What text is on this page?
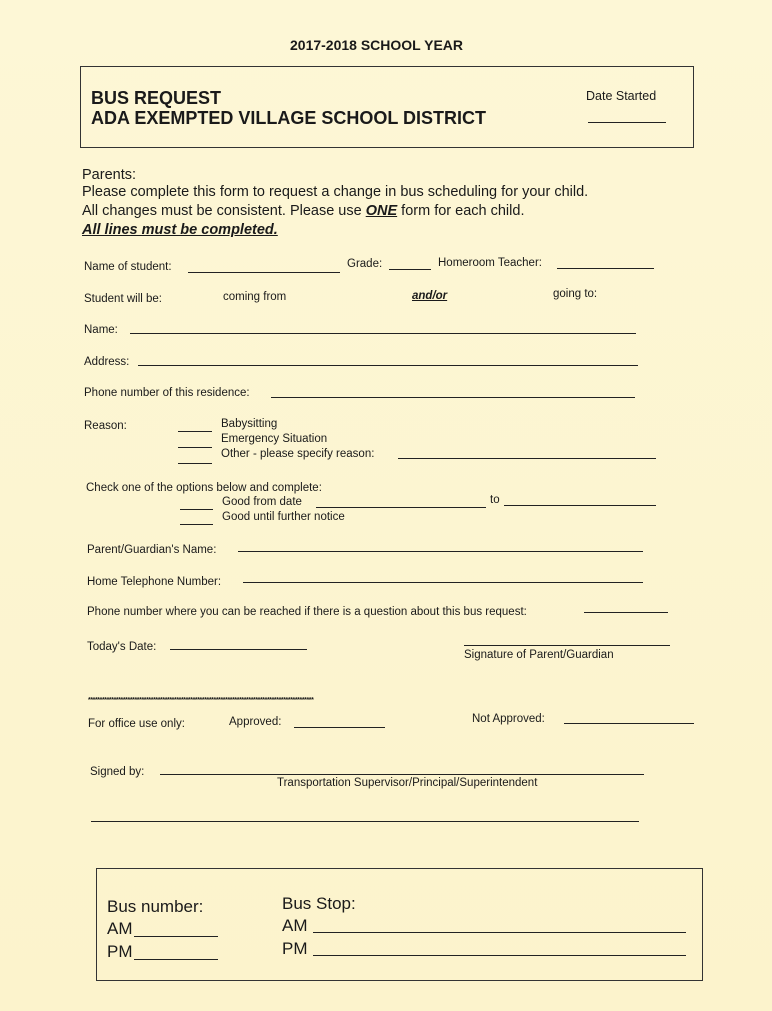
2017-2018 SCHOOL YEAR
BUS REQUEST
ADA EXEMPTED VILLAGE SCHOOL DISTRICT
Date Started
Parents:
Please complete this form to request a change in bus scheduling for your child.
All changes must be consistent. Please use ONE form for each child.
All lines must be completed.
Name of student:	Grade:	Homeroom Teacher:
Student will be:	coming from	and/or	going to:
Name:
Address:
Phone number of this residence:
Reason:	Babysitting
Emergency Situation
Other - please specify reason:
Check one of the options below and complete:
Good from date	to
Good until further notice
Parent/Guardian's Name:
Home Telephone Number:
Phone number where you can be reached if there is a question about this bus request:
Today's Date:
Signature of Parent/Guardian
*************************************************************************************************
For office use only:	Approved:	Not Approved:
Signed by:
Transportation Supervisor/Principal/Superintendent
Bus number:
AM
PM
Bus Stop:
AM
PM
